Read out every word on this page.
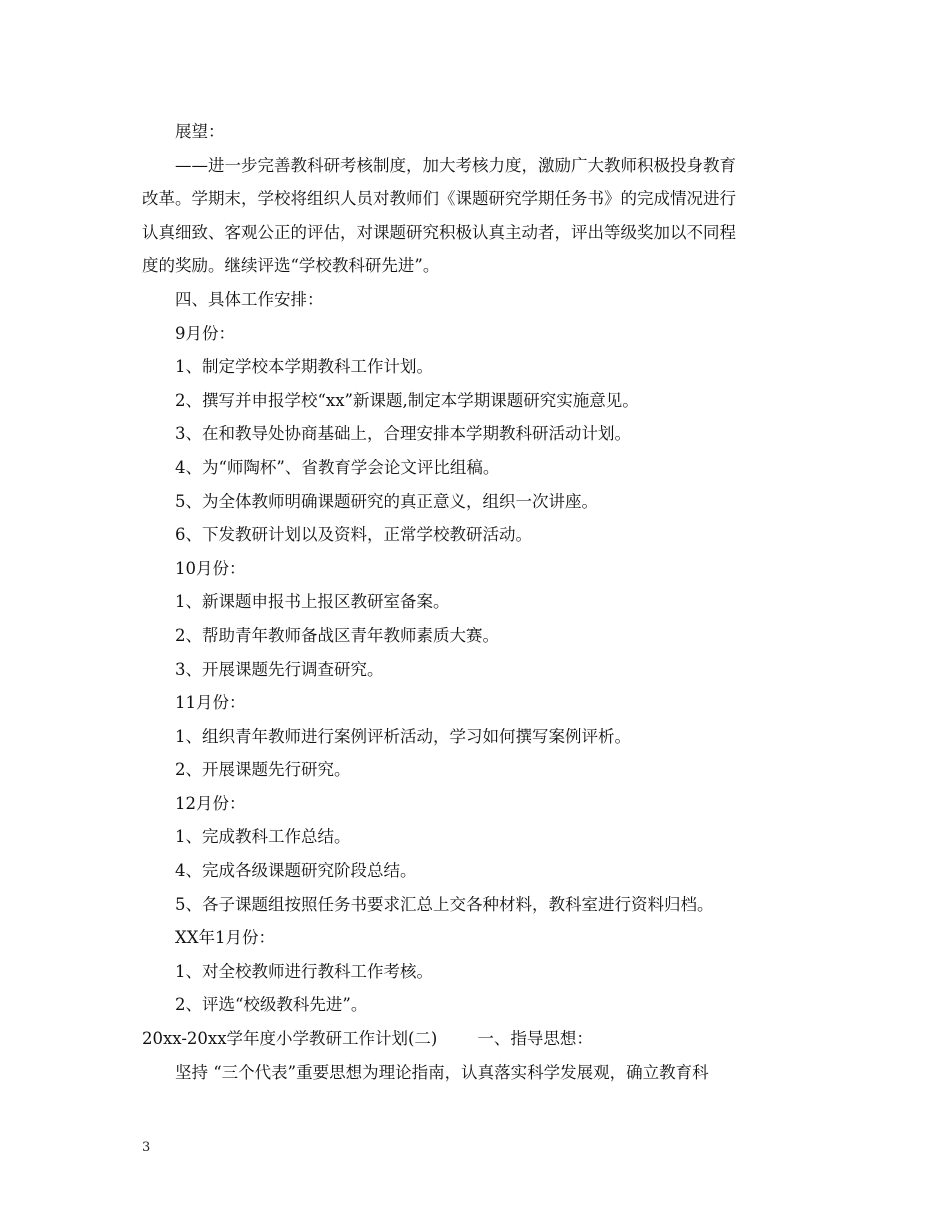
展望：
——进一步完善教科研考核制度，加大考核力度，激励广大教师积极投身教育
改革。学期末，学校将组织人员对教师们《课题研究学期任务书》的完成情况进行
认真细致、客观公正的评估，对课题研究积极认真主动者，评出等级奖加以不同程
度的奖励。继续评选“学校教科研先进”。
四、具体工作安排：
9月份：
1、制定学校本学期教科工作计划。
2、撰写并申报学校“xx”新课题,制定本学期课题研究实施意见。
3、在和教导处协商基础上，合理安排本学期教科研活动计划。
4、为“师陶杯”、省教育学会论文评比组稿。
5、为全体教师明确课题研究的真正意义，组织一次讲座。
6、下发教研计划以及资料，正常学校教研活动。
10月份：
1、新课题申报书上报区教研室备案。
2、帮助青年教师备战区青年教师素质大赛。
3、开展课题先行调查研究。
11月份：
1、组织青年教师进行案例评析活动，学习如何撰写案例评析。
2、开展课题先行研究。
12月份：
1、完成教科工作总结。
4、完成各级课题研究阶段总结。
5、各子课题组按照任务书要求汇总上交各种材料，教科室进行资料归档。
XX年1月份：
1、对全校教师进行教科工作考核。
2、评选“校级教科先进”。
20xx-20xx学年度小学教研工作计划(二) 一、指导思想：
坚持 “三个代表”重要思想为理论指南，认真落实科学发展观，确立教育科
3
